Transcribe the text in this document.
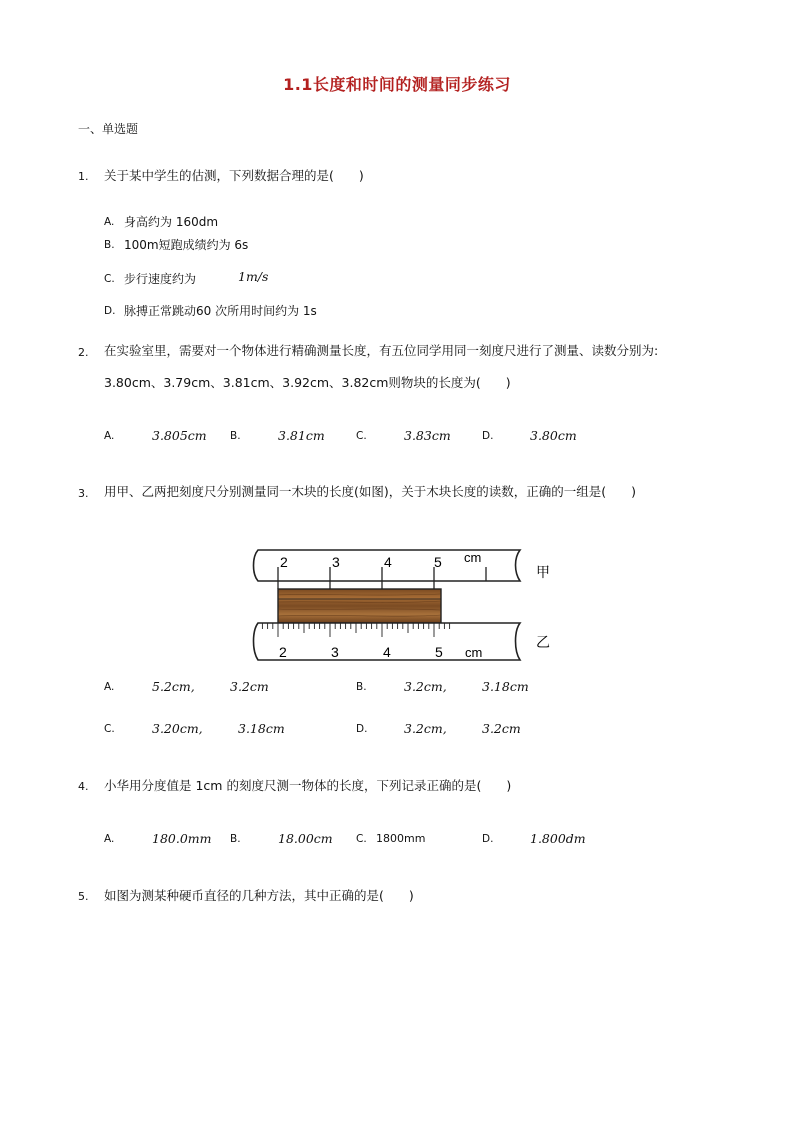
1.1长度和时间的测量同步练习
一、单选题
1. 关于某中学生的估测，下列数据合理的是(　　)
A. 身高约为 160dm
B. 100m短跑成绩约为 6s
C. 步行速度约为	1m/s
D. 脉搏正常跳动60 次所用时间约为 1s
2. 在实验室里，需要对一个物体进行精确测量长度，有五位同学用同一刻度尺进行了测量、读数分别为:
3.80cm、3.79cm、3.81cm、3.92cm、3.82cm则物块的长度为(　　)
A.	3.805cm B.	3.81cm	C.	3.83cm	D.	3.80cm
3. 用甲、乙两把刻度尺分别测量同一木块的长度(如图)，关于木块长度的读数，正确的一组是(　　)
2	3	4	5 cm
甲
2	3	4	5 cm
乙
A.	5.2cm,	3.2cm	B.	3.2cm,	3.18cm
C.	3.20cm,	3.18cm	D.	3.2cm,	3.2cm
4. 小华用分度值是 1cm 的刻度尺测一物体的长度，下列记录正确的是(　　)
A.	180.0mm B.	18.00cm C. 1800mm	D.	1.800dm
5. 如图为测某种硬币直径的几种方法，其中正确的是(　　)
